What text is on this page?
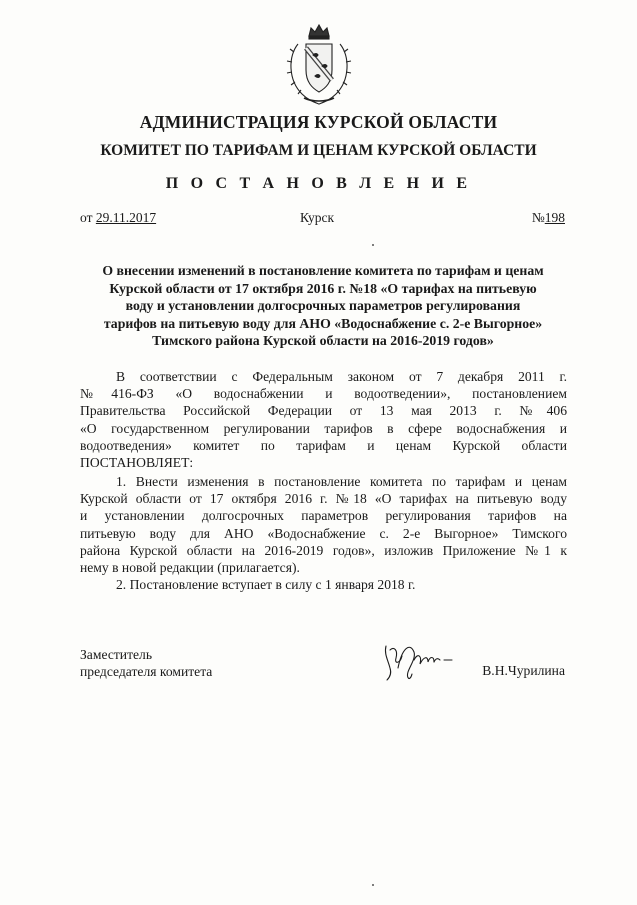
АДМИНИСТРАЦИЯ КУРСКОЙ ОБЛАСТИ
КОМИТЕТ ПО ТАРИФАМ И ЦЕНАМ КУРСКОЙ ОБЛАСТИ
П О С Т А Н О В Л Е Н И Е
от 29.11.2017	Курск	№198
О внесении изменений в постановление комитета по тарифам и ценам
Курской области от 17 октября 2016 г. №18 «О тарифах на питьевую
воду и установлении долгосрочных параметров регулирования
тарифов на питьевую воду для АНО «Водоснабжение с. 2-е Выгорное»
Тимского района Курской области на 2016-2019 годов»
В соответствии с Федеральным законом от 7 декабря 2011 г.
№416-ФЗ «О водоснабжении и водоотведении», постановлением
Правительства Российской Федерации от 13 мая 2013 г. №406
«О государственном регулировании тарифов в сфере водоснабжения и
водоотведения» комитет по тарифам и ценам Курской области
ПОСТАНОВЛЯЕТ:
1. Внести изменения в постановление комитета по тарифам и ценам
Курской области от 17 октября 2016 г. №18 «О тарифах на питьевую воду
и установлении долгосрочных параметров регулирования тарифов на
питьевую воду для АНО «Водоснабжение с. 2-е Выгорное» Тимского
района Курской области на 2016-2019 годов», изложив Приложение №1 к
нему в новой редакции (прилагается).
2. Постановление вступает в силу с 1 января 2018 г.
Заместитель
председателя комитета	В.Н.Чурилина
